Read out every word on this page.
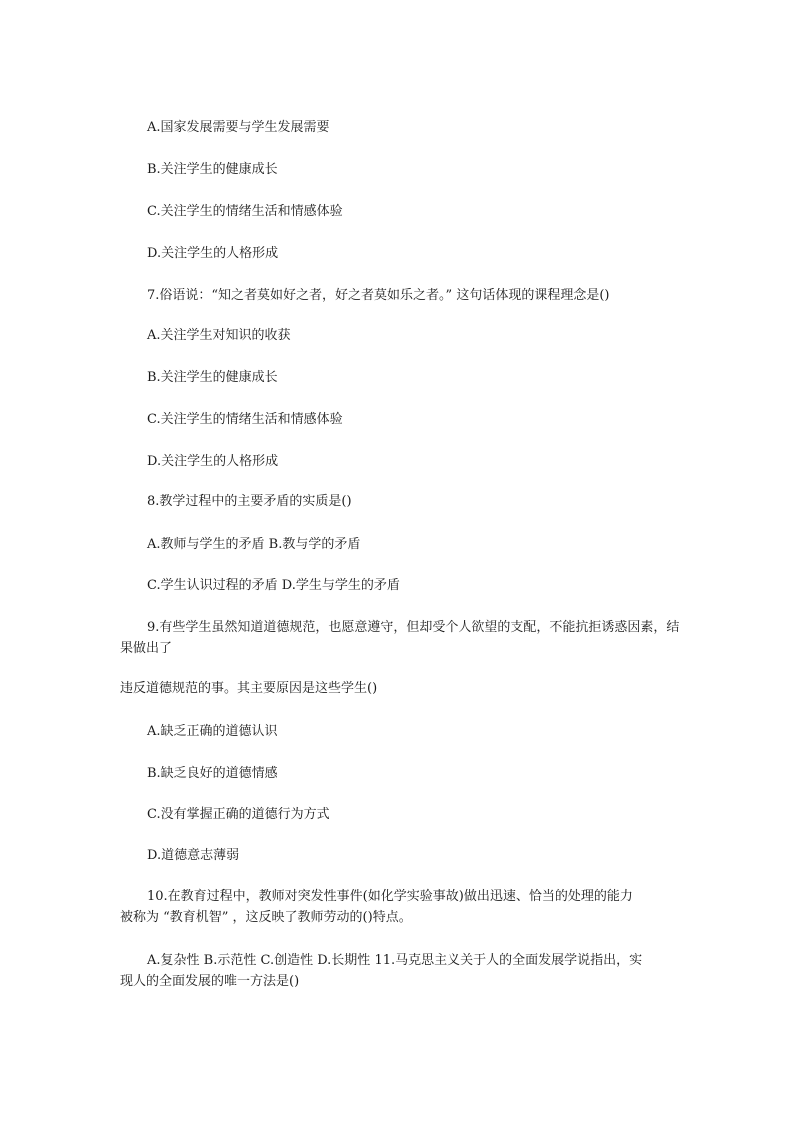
A.国家发展需要与学生发展需要

B.关注学生的健康成长

C.关注学生的情绪生活和情感体验

D.关注学生的人格形成

7.俗语说：“知之者莫如好之者，好之者莫如乐之者。” 这句话体现的课程理念是()

A.关注学生对知识的收获

B.关注学生的健康成长

C.关注学生的情绪生活和情感体验

D.关注学生的人格形成

8.教学过程中的主要矛盾的实质是()

A.教师与学生的矛盾 B.教与学的矛盾

C.学生认识过程的矛盾 D.学生与学生的矛盾

9.有些学生虽然知道道德规范，也愿意遵守，但却受个人欲望的支配，不能抗拒诱惑因素，结

果做出了

违反道德规范的事。其主要原因是这些学生()

A.缺乏正确的道德认识

B.缺乏良好的道德情感

C.没有掌握正确的道德行为方式

D.道德意志薄弱

10.在教育过程中，教师对突发性事件(如化学实验事故)做出迅速、恰当的处理的能力

被称为 “教育机智” ，这反映了教师劳动的()特点。

A.复杂性 B.示范性 C.创造性 D.长期性 11.马克思主义关于人的全面发展学说指出，实

现人的全面发展的唯一方法是()
